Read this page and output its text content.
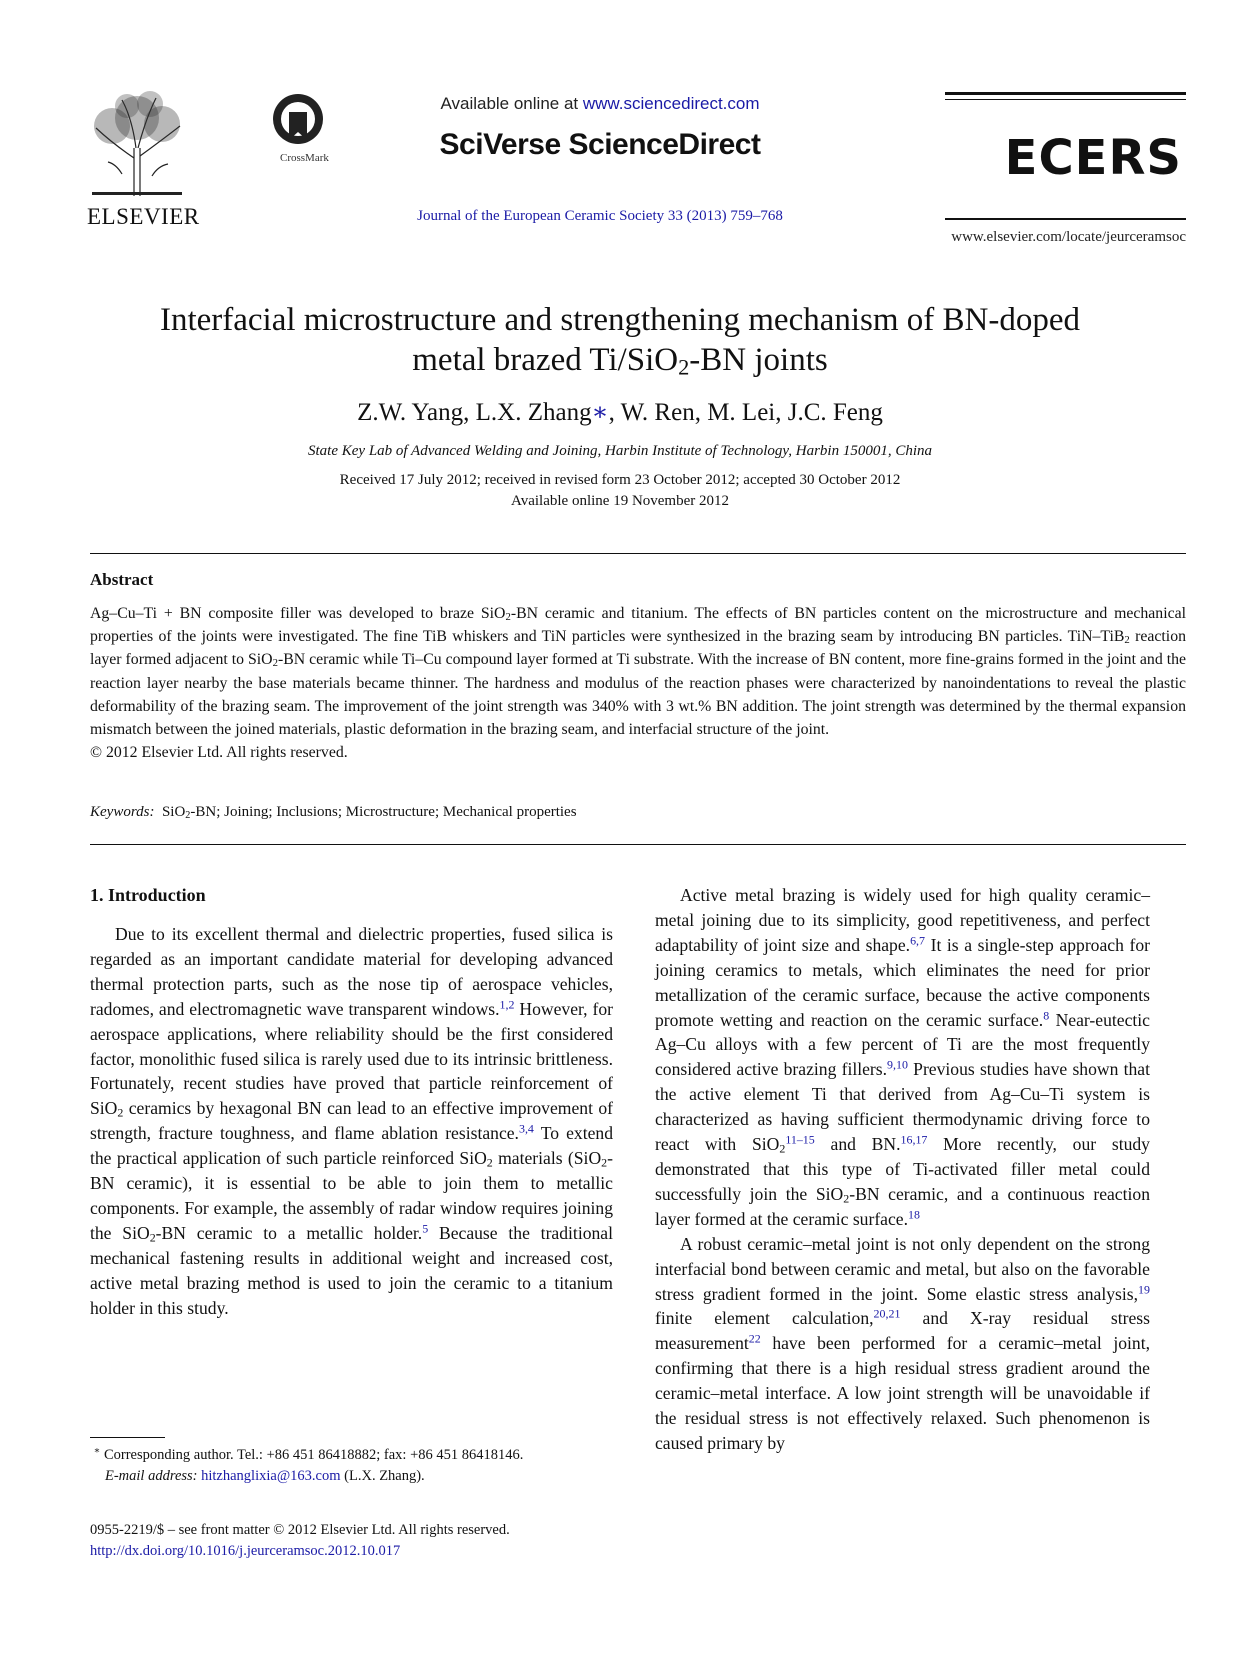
ELSEVIER
CrossMark
Available online at www.sciencedirect.com
SciVerse ScienceDirect
Journal of the European Ceramic Society 33 (2013) 759–768
ECERS
www.elsevier.com/locate/jeurceramsoc
Interfacial microstructure and strengthening mechanism of BN-doped
metal brazed Ti/SiO$_2$-BN joints
Z.W. Yang, L.X. Zhang∗, W. Ren, M. Lei, J.C. Feng
State Key Lab of Advanced Welding and Joining, Harbin Institute of Technology, Harbin 150001, China
Received 17 July 2012; received in revised form 23 October 2012; accepted 30 October 2012
Available online 19 November 2012
Abstract
Ag–Cu–Ti + BN composite filler was developed to braze SiO$_2$-BN ceramic and titanium. The effects of BN particles content on the microstructure and mechanical properties of the joints were investigated. The fine TiB whiskers and TiN particles were synthesized in the brazing seam by introducing BN particles. TiN–TiB$_2$ reaction layer formed adjacent to SiO$_2$-BN ceramic while Ti–Cu compound layer formed at Ti substrate. With the increase of BN content, more fine-grains formed in the joint and the reaction layer nearby the base materials became thinner. The hardness and modulus of the reaction phases were characterized by nanoindentations to reveal the plastic deformability of the brazing seam. The improvement of the joint strength was 340% with 3 wt.% BN addition. The joint strength was determined by the thermal expansion mismatch between the joined materials, plastic deformation in the brazing seam, and interfacial structure of the joint.
© 2012 Elsevier Ltd. All rights reserved.
Keywords: SiO$_2$-BN; Joining; Inclusions; Microstructure; Mechanical properties
1. Introduction

Due to its excellent thermal and dielectric properties, fused silica is regarded as an important candidate material for developing advanced thermal protection parts, such as the nose tip of aerospace vehicles, radomes, and electromagnetic wave transparent windows.$^{1,2}$ However, for aerospace applications, where reliability should be the first considered factor, monolithic fused silica is rarely used due to its intrinsic brittleness. Fortunately, recent studies have proved that particle reinforcement of SiO$_2$ ceramics by hexagonal BN can lead to an effective improvement of strength, fracture toughness, and flame ablation resistance.$^{3,4}$ To extend the practical application of such particle reinforced SiO$_2$ materials (SiO$_2$-BN ceramic), it is essential to be able to join them to metallic components. For example, the assembly of radar window requires joining the SiO$_2$-BN ceramic to a metallic holder.$^5$ Because the traditional mechanical fastening results in additional weight and increased cost, active metal brazing method is used to join the ceramic to a titanium holder in this study.

Active metal brazing is widely used for high quality ceramic–metal joining due to its simplicity, good repetitiveness, and perfect adaptability of joint size and shape.$^{6,7}$ It is a single-step approach for joining ceramics to metals, which eliminates the need for prior metallization of the ceramic surface, because the active components promote wetting and reaction on the ceramic surface.$^8$ Near-eutectic Ag–Cu alloys with a few percent of Ti are the most frequently considered active brazing fillers.$^{9,10}$ Previous studies have shown that the active element Ti that derived from Ag–Cu–Ti system is characterized as having sufficient thermodynamic driving force to react with SiO$_2^{11-15}$ and BN.$^{16,17}$ More recently, our study demonstrated that this type of Ti-activated filler metal could successfully join the SiO$_2$-BN ceramic, and a continuous reaction layer formed at the ceramic surface.$^{18}$

A robust ceramic–metal joint is not only dependent on the strong interfacial bond between ceramic and metal, but also on the favorable stress gradient formed in the joint. Some elastic stress analysis,$^{19}$ finite element calculation,$^{20,21}$ and X-ray residual stress measurement$^{22}$ have been performed for a ceramic–metal joint, confirming that there is a high residual stress gradient around the ceramic–metal interface. A low joint strength will be unavoidable if the residual stress is not effectively relaxed. Such phenomenon is caused primary by

∗ Corresponding author. Tel.: +86 451 86418882; fax: +86 451 86418146.
E-mail address: hitzhanglixia@163.com (L.X. Zhang).
0955-2219/$ – see front matter © 2012 Elsevier Ltd. All rights reserved.
http://dx.doi.org/10.1016/j.jeurceramsoc.2012.10.017
